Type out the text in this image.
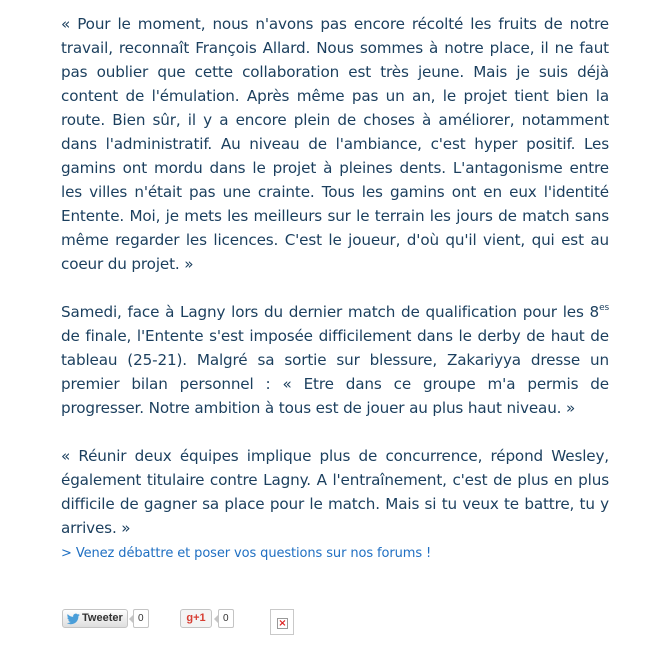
« Pour le moment, nous n'avons pas encore récolté les fruits de notre travail, reconnaît François Allard. Nous sommes à notre place, il ne faut pas oublier que cette collaboration est très jeune. Mais je suis déjà content de l'émulation. Après même pas un an, le projet tient bien la route. Bien sûr, il y a encore plein de choses à améliorer, notamment dans l'administratif. Au niveau de l'ambiance, c'est hyper positif. Les gamins ont mordu dans le projet à pleines dents. L'antagonisme entre les villes n'était pas une crainte. Tous les gamins ont en eux l'identité Entente. Moi, je mets les meilleurs sur le terrain les jours de match sans même regarder les licences. C'est le joueur, d'où qu'il vient, qui est au coeur du projet. »

Samedi, face à Lagny lors du dernier match de qualification pour les $8^{es}$ de finale, l'Entente s'est imposée difficilement dans le derby de haut de tableau (25-21). Malgré sa sortie sur blessure, Zakariyya dresse un premier bilan personnel : « Etre dans ce groupe m'a permis de progresser. Notre ambition à tous est de jouer au plus haut niveau. »

« Réunir deux équipes implique plus de concurrence, répond Wesley, également titulaire contre Lagny. A l'entraînement, c'est de plus en plus difficile de gagner sa place pour le match. Mais si tu veux te battre, tu y arrives. »

> Venez débattre et poser vos questions sur nos forums !
Tweeter	0	g+1	0	×
